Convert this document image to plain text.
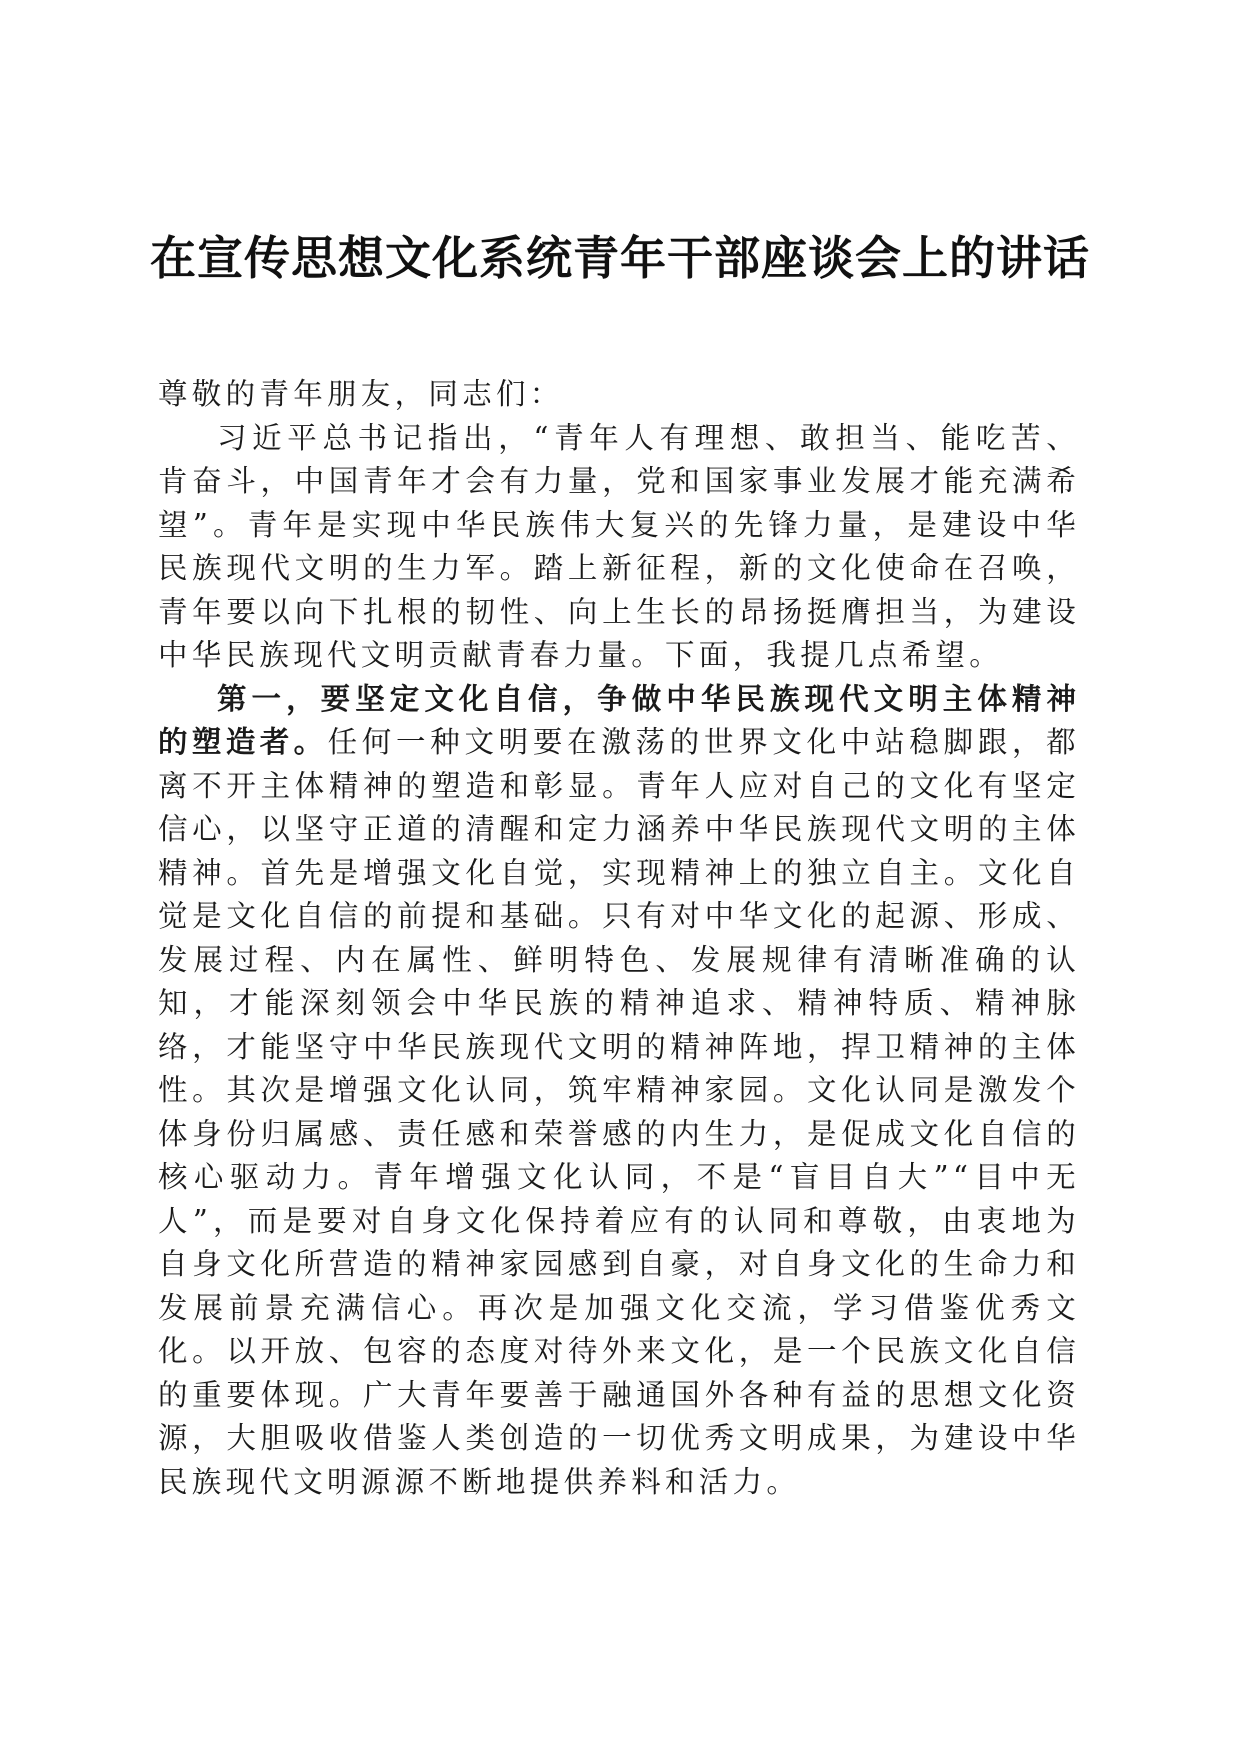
在宣传思想文化系统青年干部座谈会上的讲话

尊敬的青年朋友，同志们：

习近平总书记指出，“青年人有理想、敢担当、能吃苦、肯奋斗，中国青年才会有力量，党和国家事业发展才能充满希望”。青年是实现中华民族伟大复兴的先锋力量，是建设中华民族现代文明的生力军。踏上新征程，新的文化使命在召唤，青年要以向下扎根的韧性、向上生长的昂扬挺膺担当，为建设中华民族现代文明贡献青春力量。下面，我提几点希望。

第一，要坚定文化自信，争做中华民族现代文明主体精神的塑造者。任何一种文明要在激荡的世界文化中站稳脚跟，都离不开主体精神的塑造和彰显。青年人应对自己的文化有坚定信心，以坚守正道的清醒和定力涵养中华民族现代文明的主体精神。首先是增强文化自觉，实现精神上的独立自主。文化自觉是文化自信的前提和基础。只有对中华文化的起源、形成、发展过程、内在属性、鲜明特色、发展规律有清晰准确的认知，才能深刻领会中华民族的精神追求、精神特质、精神脉络，才能坚守中华民族现代文明的精神阵地，捍卫精神的主体性。其次是增强文化认同，筑牢精神家园。文化认同是激发个体身份归属感、责任感和荣誉感的内生力，是促成文化自信的核心驱动力。青年增强文化认同，不是“盲目自大”“目中无人”，而是要对自身文化保持着应有的认同和尊敬，由衷地为自身文化所营造的精神家园感到自豪，对自身文化的生命力和发展前景充满信心。再次是加强文化交流，学习借鉴优秀文化。以开放、包容的态度对待外来文化，是一个民族文化自信的重要体现。广大青年要善于融通国外各种有益的思想文化资源，大胆吸收借鉴人类创造的一切优秀文明成果，为建设中华民族现代文明源源不断地提供养料和活力。
